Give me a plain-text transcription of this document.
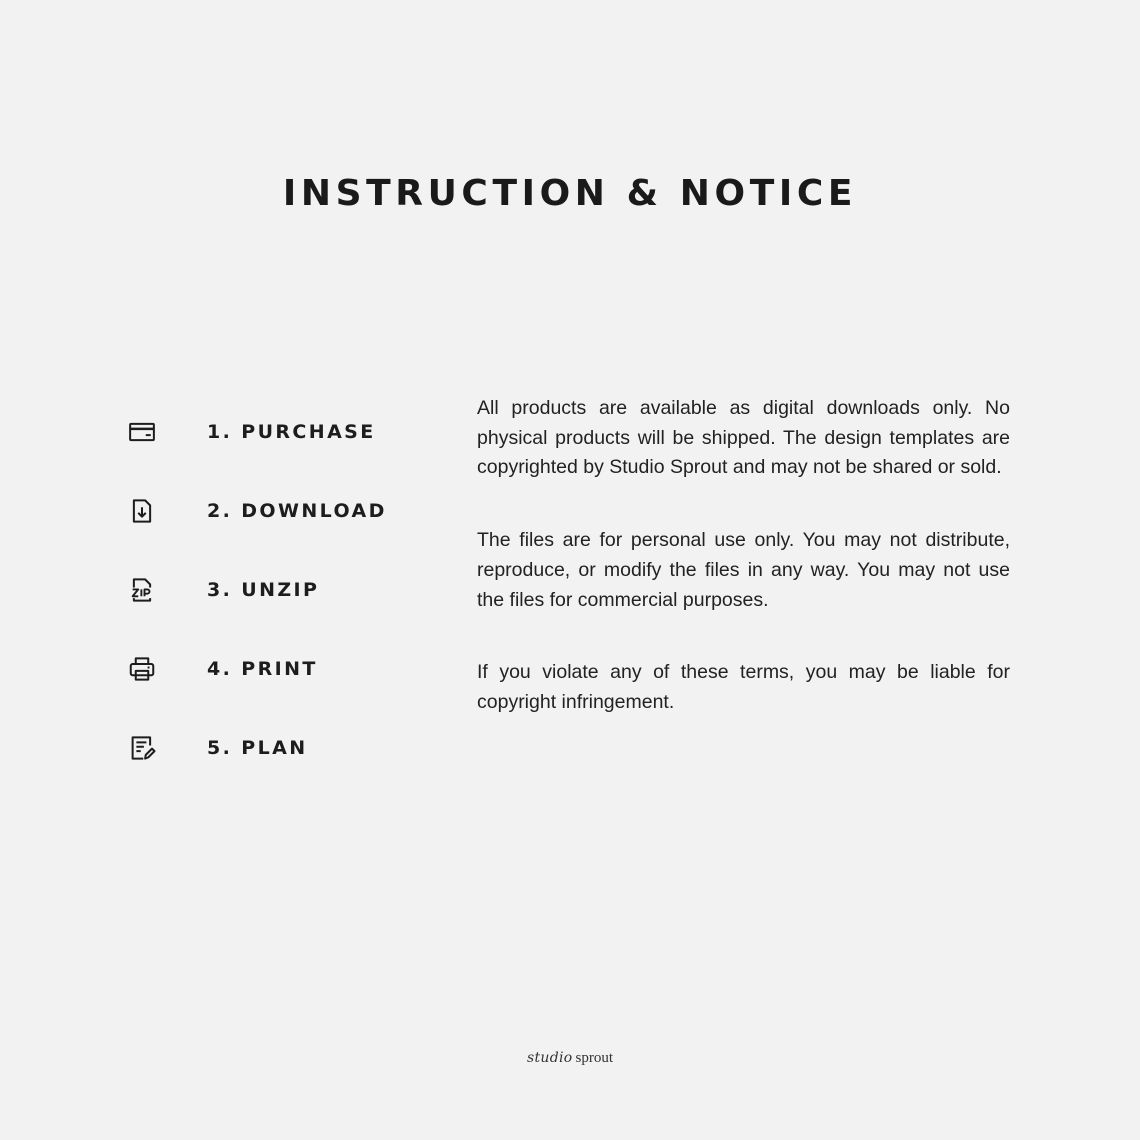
INSTRUCTION & NOTICE
1. PURCHASE
2. DOWNLOAD
3. UNZIP
4. PRINT
5. PLAN

All products are available as digital downloads only. No physical products will be shipped. The design templates are copyrighted by Studio Sprout and may not be shared or sold.

The files are for personal use only. You may not distribute, reproduce, or modify the files in any way. You may not use the files for commercial purposes.

If you violate any of these terms, you may be liable for copyright infringement.

studio sprout
